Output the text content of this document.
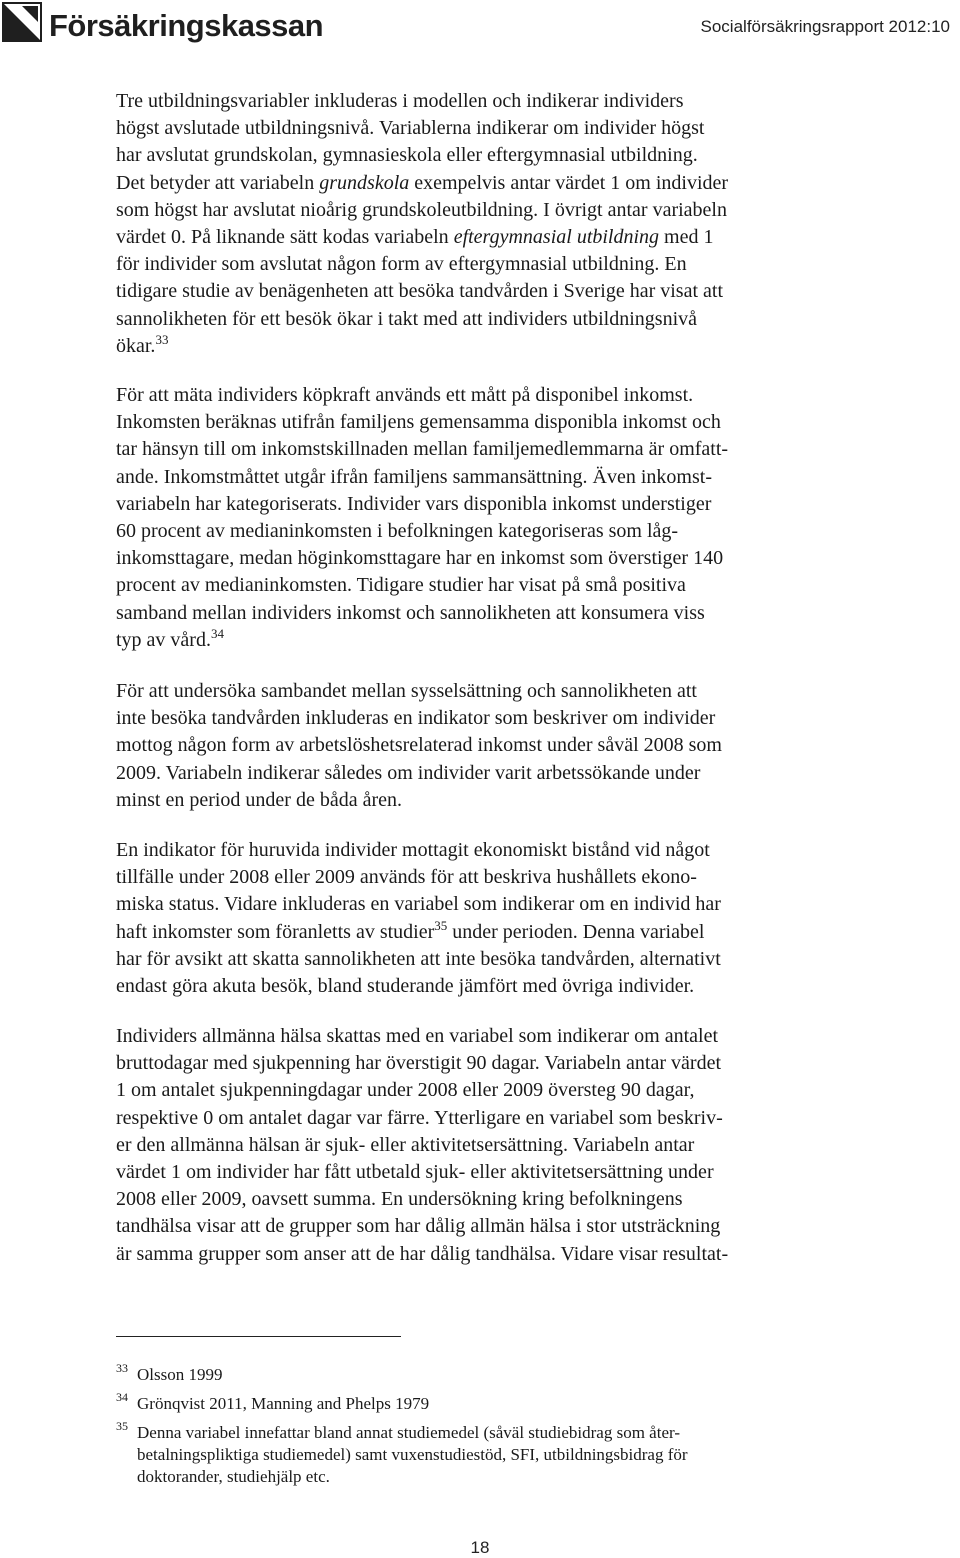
Försäkringskassan	Socialförsäkringsrapport 2012:10

Tre utbildningsvariabler inkluderas i modellen och indikerar individers
högst avslutade utbildningsnivå. Variablerna indikerar om individer högst
har avslutat grundskolan, gymnasieskola eller eftergymnasial utbildning.
Det betyder att variabeln grundskola exempelvis antar värdet 1 om individer
som högst har avslutat nioårig grundskoleutbildning. I övrigt antar variabeln
värdet 0. På liknande sätt kodas variabeln eftergymnasial utbildning med 1
för individer som avslutat någon form av eftergymnasial utbildning. En
tidigare studie av benägenheten att besöka tandvården i Sverige har visat att
sannolikheten för ett besök ökar i takt med att individers utbildningsnivå
ökar.$^{33}$

För att mäta individers köpkraft används ett mått på disponibel inkomst.
Inkomsten beräknas utifrån familjens gemensamma disponibla inkomst och
tar hänsyn till om inkomstskillnaden mellan familjemedlemmarna är omfatt-
ande. Inkomstmåttet utgår ifrån familjens sammansättning. Även inkomst-
variabeln har kategoriserats. Individer vars disponibla inkomst understiger
60 procent av medianinkomsten i befolkningen kategoriseras som låg-
inkomsttagare, medan höginkomsttagare har en inkomst som överstiger 140
procent av medianinkomsten. Tidigare studier har visat på små positiva
samband mellan individers inkomst och sannolikheten att konsumera viss
typ av vård.$^{34}$

För att undersöka sambandet mellan sysselsättning och sannolikheten att
inte besöka tandvården inkluderas en indikator som beskriver om individer
mottog någon form av arbetslöshetsrelaterad inkomst under såväl 2008 som
2009. Variabeln indikerar således om individer varit arbetssökande under
minst en period under de båda åren.

En indikator för huruvida individer mottagit ekonomiskt bistånd vid något
tillfälle under 2008 eller 2009 används för att beskriva hushållets ekono-
miska status. Vidare inkluderas en variabel som indikerar om en individ har
haft inkomster som föranletts av studier$^{35}$ under perioden. Denna variabel
har för avsikt att skatta sannolikheten att inte besöka tandvården, alternativt
endast göra akuta besök, bland studerande jämfört med övriga individer.

Individers allmänna hälsa skattas med en variabel som indikerar om antalet
bruttodagar med sjukpenning har överstigit 90 dagar. Variabeln antar värdet
1 om antalet sjukpenningdagar under 2008 eller 2009 översteg 90 dagar,
respektive 0 om antalet dagar var färre. Ytterligare en variabel som beskriv-
er den allmänna hälsan är sjuk- eller aktivitetsersättning. Variabeln antar
värdet 1 om individer har fått utbetald sjuk- eller aktivitetsersättning under
2008 eller 2009, oavsett summa. En undersökning kring befolkningens
tandhälsa visar att de grupper som har dålig allmän hälsa i stor utsträckning
är samma grupper som anser att de har dålig tandhälsa. Vidare visar resultat-

33 Olsson 1999
34 Grönqvist 2011, Manning and Phelps 1979
35 Denna variabel innefattar bland annat studiemedel (såväl studiebidrag som åter-
betalningspliktiga studiemedel) samt vuxenstudiestöd, SFI, utbildningsbidrag för
doktorander, studiehjälp etc.
18
